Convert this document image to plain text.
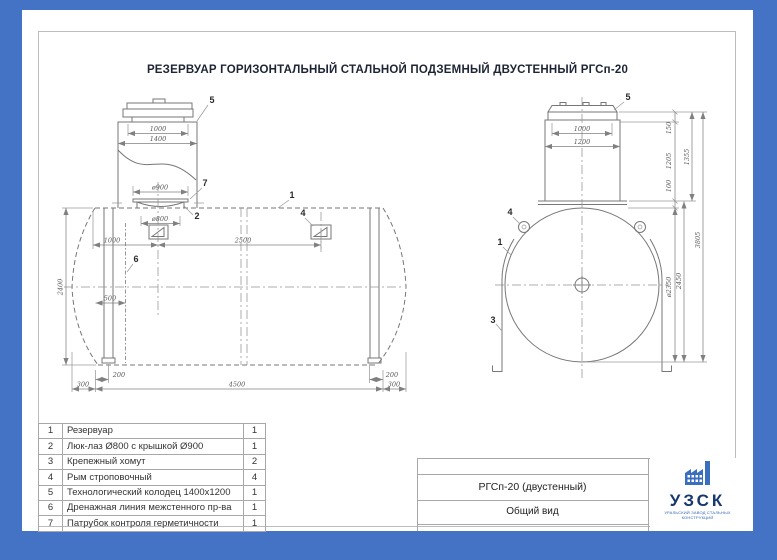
РЕЗЕРВУАР ГОРИЗОНТАЛЬНЫЙ СТАЛЬНОЙ ПОДЗЕМНЫЙ ДВУСТЕННЫЙ РГСп-20
1000
1400
ø900
ø800
1000	2500
500
2400
200	200
300	4500	300
5
7
2
1
4
6
1000
1200
150
1205
100
ø2350 2450
1355
3805
5
4
1
3
1	Резервуар	1
2	Люк-лаз Ø800 с крышкой Ø900	1
3	Крепежный хомут	2
4	Рым строповочный	4
5	Технологический колодец 1400х1200	1
6	Дренажная линия межстенного пр-ва	1
7	Патрубок контроля герметичности	1
РГСп-20 (двустенный)
Общий вид
УЗСК
УРАЛЬСКИЙ ЗАВОД СТАЛЬНЫХ КОНСТРУКЦИЙ
